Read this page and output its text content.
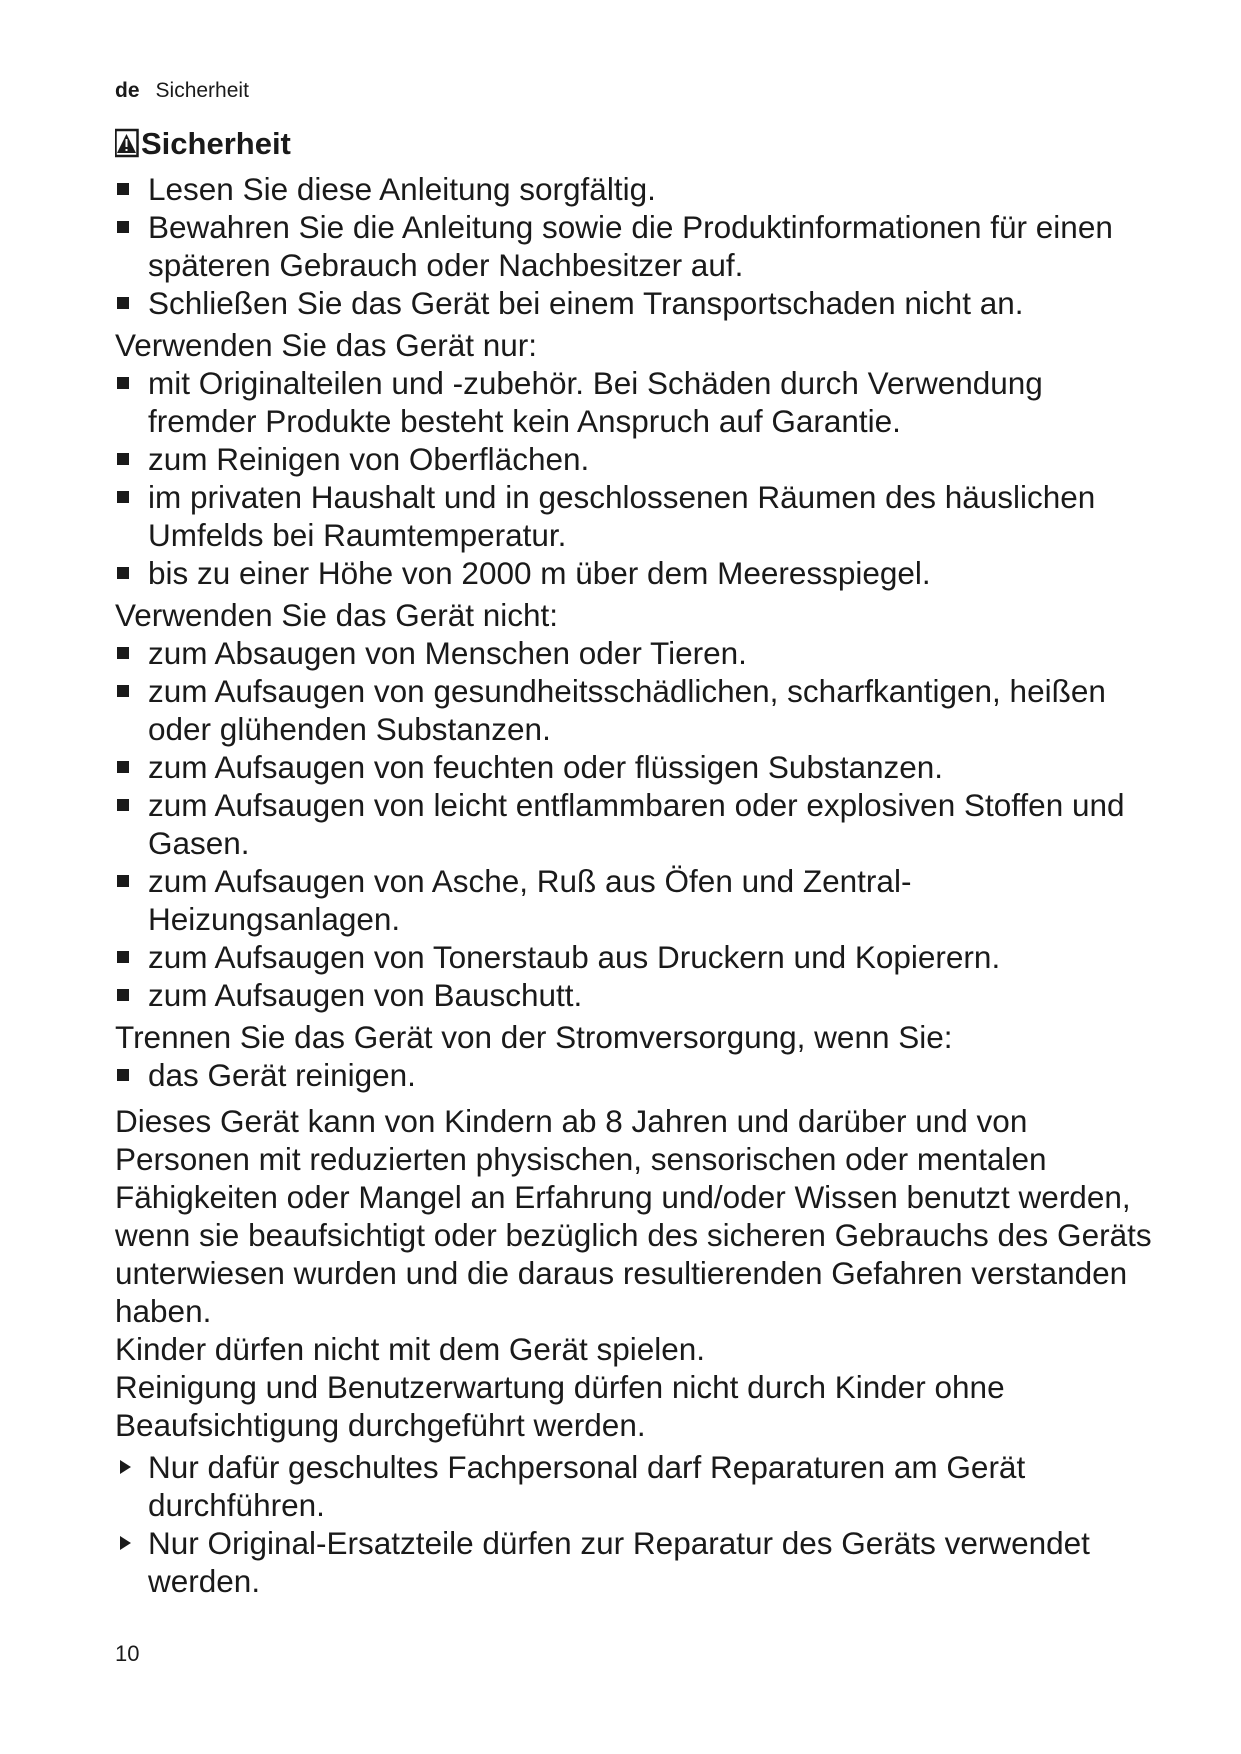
de Sicherheit
Sicherheit
Lesen Sie diese Anleitung sorgfältig.
Bewahren Sie die Anleitung sowie die Produktinformationen für einen späteren Gebrauch oder Nachbesitzer auf.
Schließen Sie das Gerät bei einem Transportschaden nicht an.

Verwenden Sie das Gerät nur:

mit Originalteilen und -zubehör. Bei Schäden durch Verwendung fremder Produkte besteht kein Anspruch auf Garantie.
zum Reinigen von Oberflächen.
im privaten Haushalt und in geschlossenen Räumen des häuslichen Umfelds bei Raumtemperatur.
bis zu einer Höhe von 2000 m über dem Meeresspiegel.

Verwenden Sie das Gerät nicht:

zum Absaugen von Menschen oder Tieren.
zum Aufsaugen von gesundheitsschädlichen, scharfkantigen, heißen oder glühenden Substanzen.
zum Aufsaugen von feuchten oder flüssigen Substanzen.
zum Aufsaugen von leicht entflammbaren oder explosiven Stoffen und Gasen.
zum Aufsaugen von Asche, Ruß aus Öfen und Zentral-Heizungsanlagen.
zum Aufsaugen von Tonerstaub aus Druckern und Kopierern.
zum Aufsaugen von Bauschutt.

Trennen Sie das Gerät von der Stromversorgung, wenn Sie:

das Gerät reinigen.

Dieses Gerät kann von Kindern ab 8 Jahren und darüber und von Personen mit reduzierten physischen, sensorischen oder mentalen Fähigkeiten oder Mangel an Erfahrung und/oder Wissen benutzt werden, wenn sie beaufsichtigt oder bezüglich des sicheren Gebrauchs des Geräts unterwiesen wurden und die daraus resultierenden Gefahren verstanden haben.

Kinder dürfen nicht mit dem Gerät spielen.

Reinigung und Benutzerwartung dürfen nicht durch Kinder ohne Beaufsichtigung durchgeführt werden.

Nur dafür geschultes Fachpersonal darf Reparaturen am Gerät durchführen.
Nur Original-Ersatzteile dürfen zur Reparatur des Geräts verwendet werden.
10
